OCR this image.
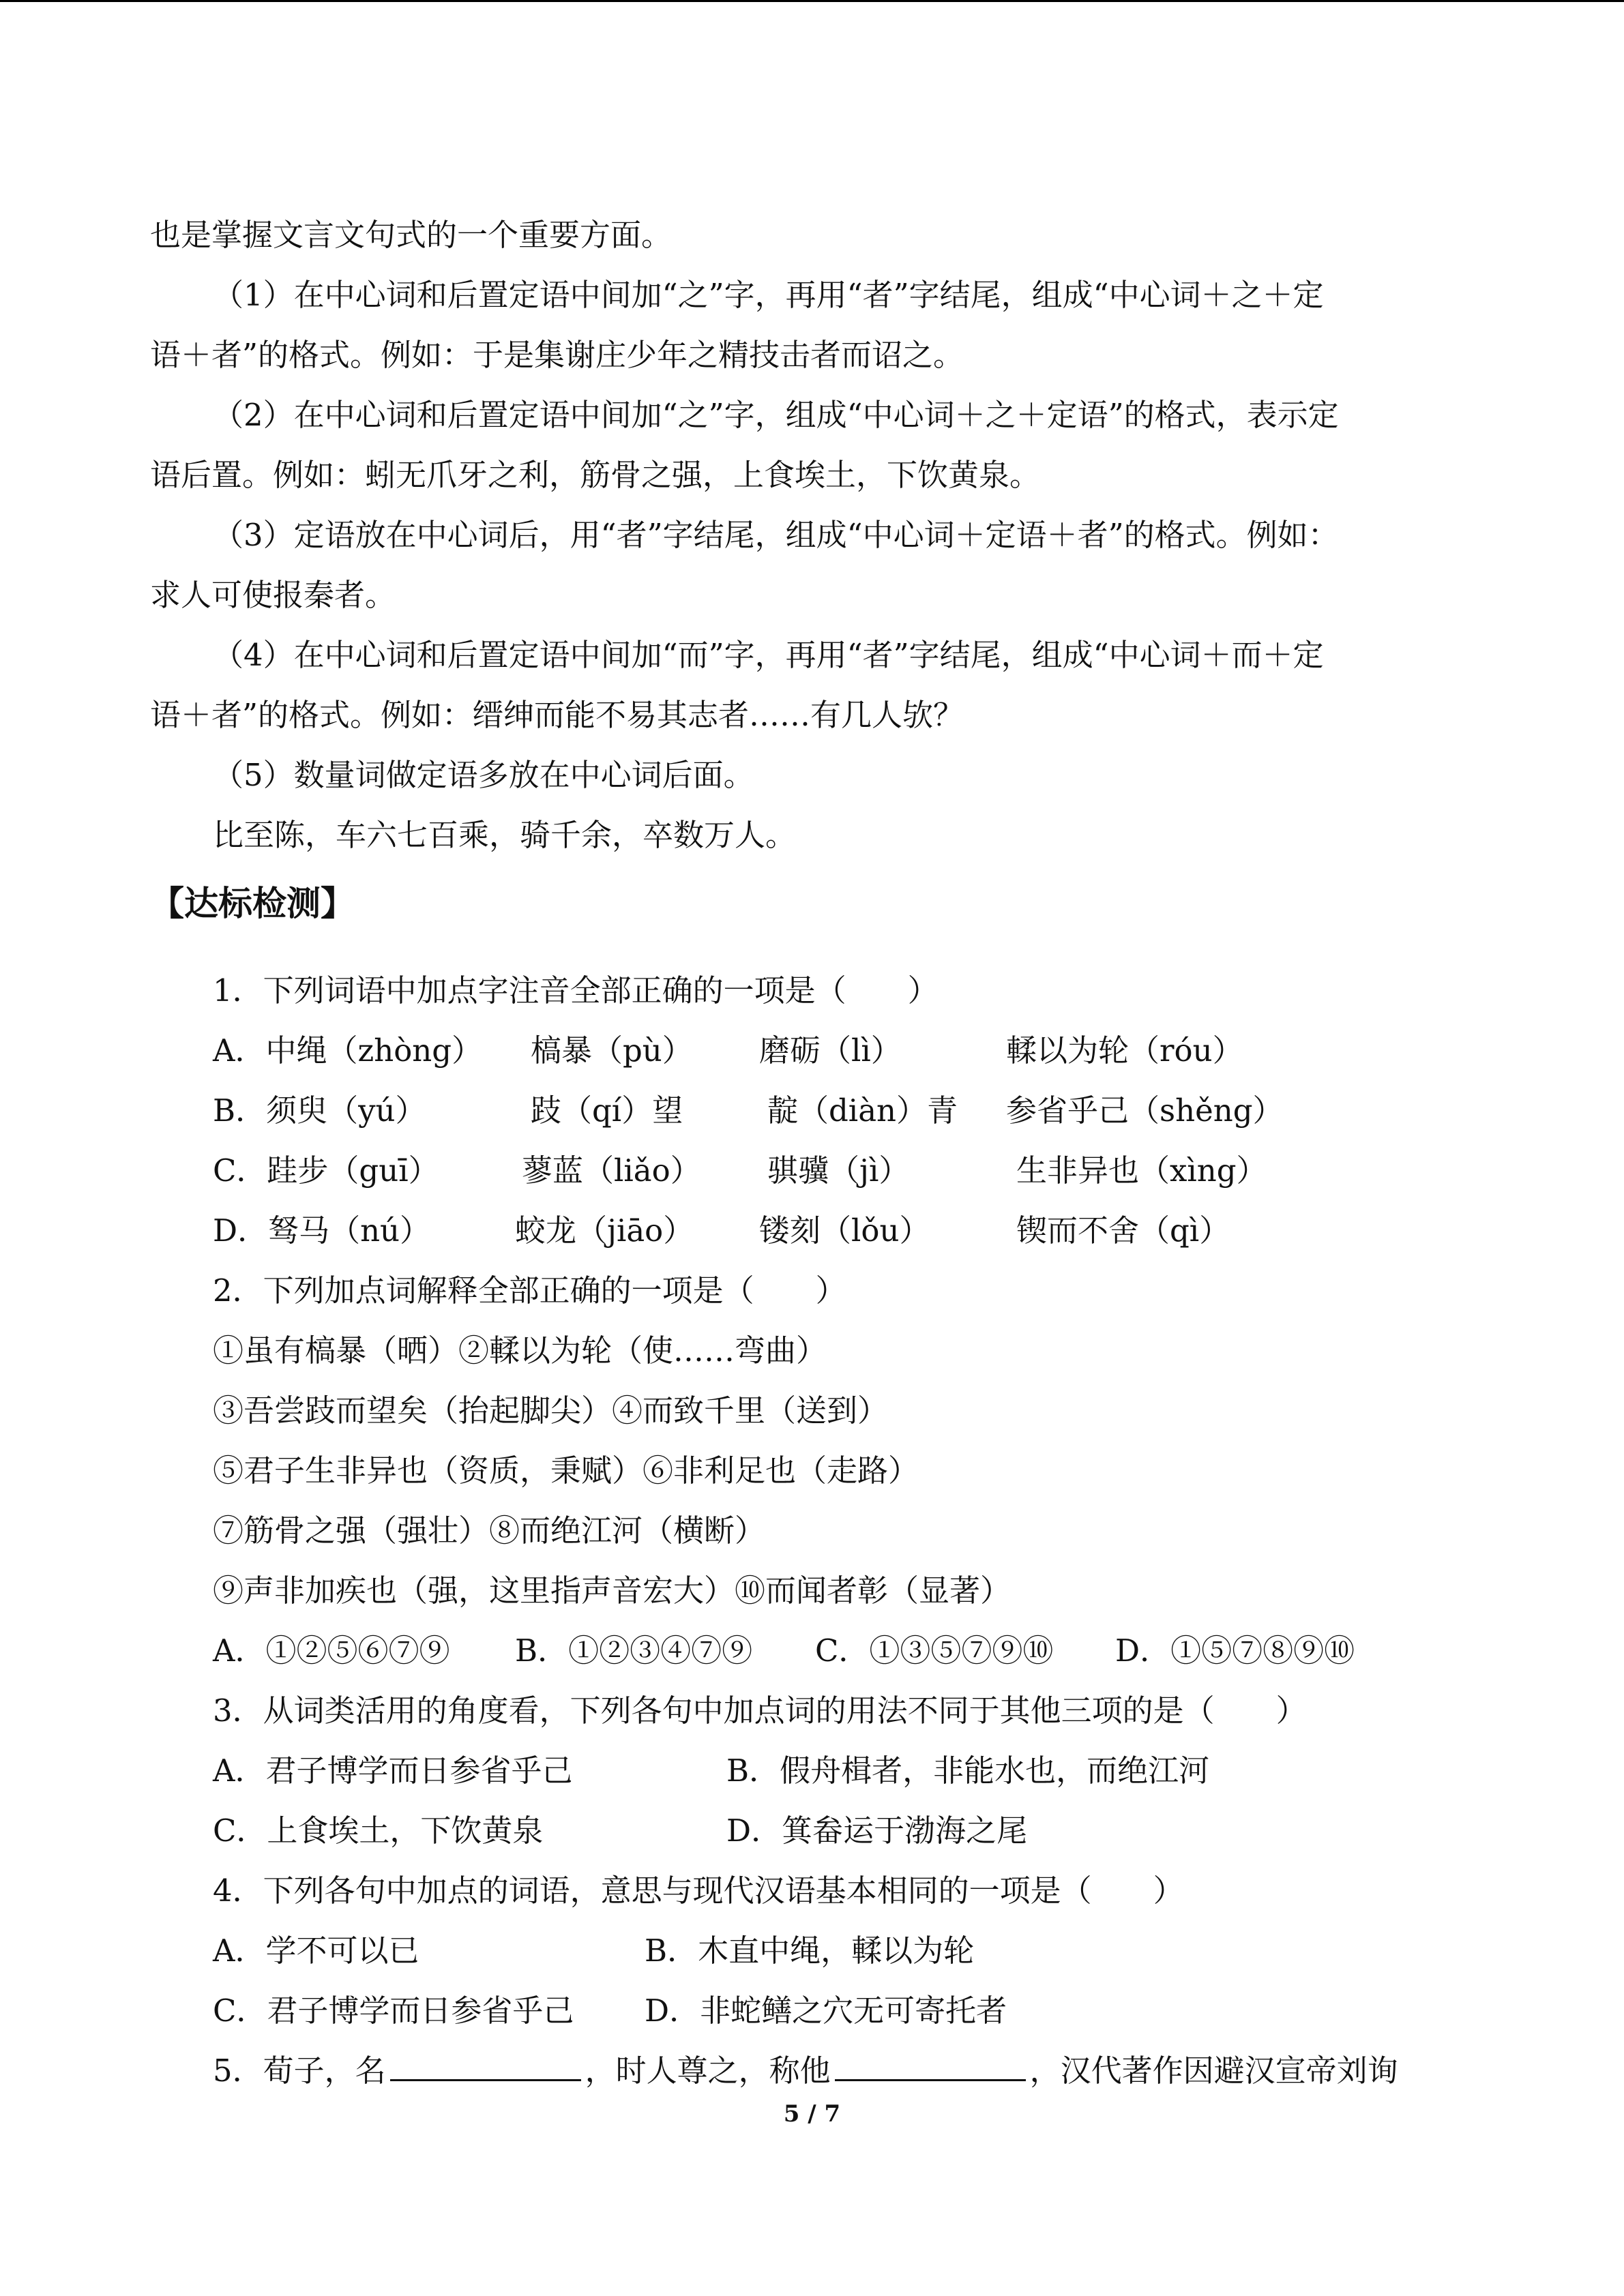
也是掌握文言文句式的一个重要方面。
（1）在中心词和后置定语中间加“之”字，再用“者”字结尾，组成“中心词＋之＋定
语＋者”的格式。例如：于是集谢庄少年之精技击者而诏之。
（2）在中心词和后置定语中间加“之”字，组成“中心词＋之＋定语”的格式，表示定
语后置。例如：蚓无爪牙之利，筋骨之强，上食埃土，下饮黄泉。
（3）定语放在中心词后，用“者”字结尾，组成“中心词＋定语＋者”的格式。例如：
求人可使报秦者。
（4）在中心词和后置定语中间加“而”字，再用“者”字结尾，组成“中心词＋而＋定
语＋者”的格式。例如：缙绅而能不易其志者……有几人欤？
（5）数量词做定语多放在中心词后面。
比至陈，车六七百乘，骑千余，卒数万人。
【达标检测】
1．下列词语中加点字注音全部正确的一项是（　　）
A．中绳（zhòng） 槁暴（pù） 磨砺（lì）	輮以为轮（róu）
B．须臾（yú）	跂（qí）望	靛（diàn）青 参省乎己（shěng）
C．跬步（guī）	蓼蓝（liǎo） 骐骥（jì）	生非异也（xìng）
D．驽马（nú）	蛟龙（jiāo） 镂刻（lǒu）	锲而不舍（qì）
2．下列加点词解释全部正确的一项是（　　）
①虽有槁暴（晒）②輮以为轮（使……弯曲）
③吾尝跂而望矣（抬起脚尖）④而致千里（送到）
⑤君子生非异也（资质，秉赋）⑥非利足也（走路）
⑦筋骨之强（强壮）⑧而绝江河（横断）
⑨声非加疾也（强，这里指声音宏大）⑩而闻者彰（显著）
A．①②⑤⑥⑦⑨ B．①②③④⑦⑨ C．①③⑤⑦⑨⑩ D．①⑤⑦⑧⑨⑩
3．从词类活用的角度看，下列各句中加点词的用法不同于其他三项的是（　　）
A．君子博学而日参省乎己	B．假舟楫者，非能水也，而绝江河
C．上食埃土，下饮黄泉	D．箕畚运于渤海之尾
4．下列各句中加点的词语，意思与现代汉语基本相同的一项是（　　）
A．学不可以已	B．木直中绳，輮以为轮
C．君子博学而日参省乎己 D．非蛇鳝之穴无可寄托者
5．荀子，名	，时人尊之，称他	，汉代著作因避汉宣帝刘询
5 / 7
